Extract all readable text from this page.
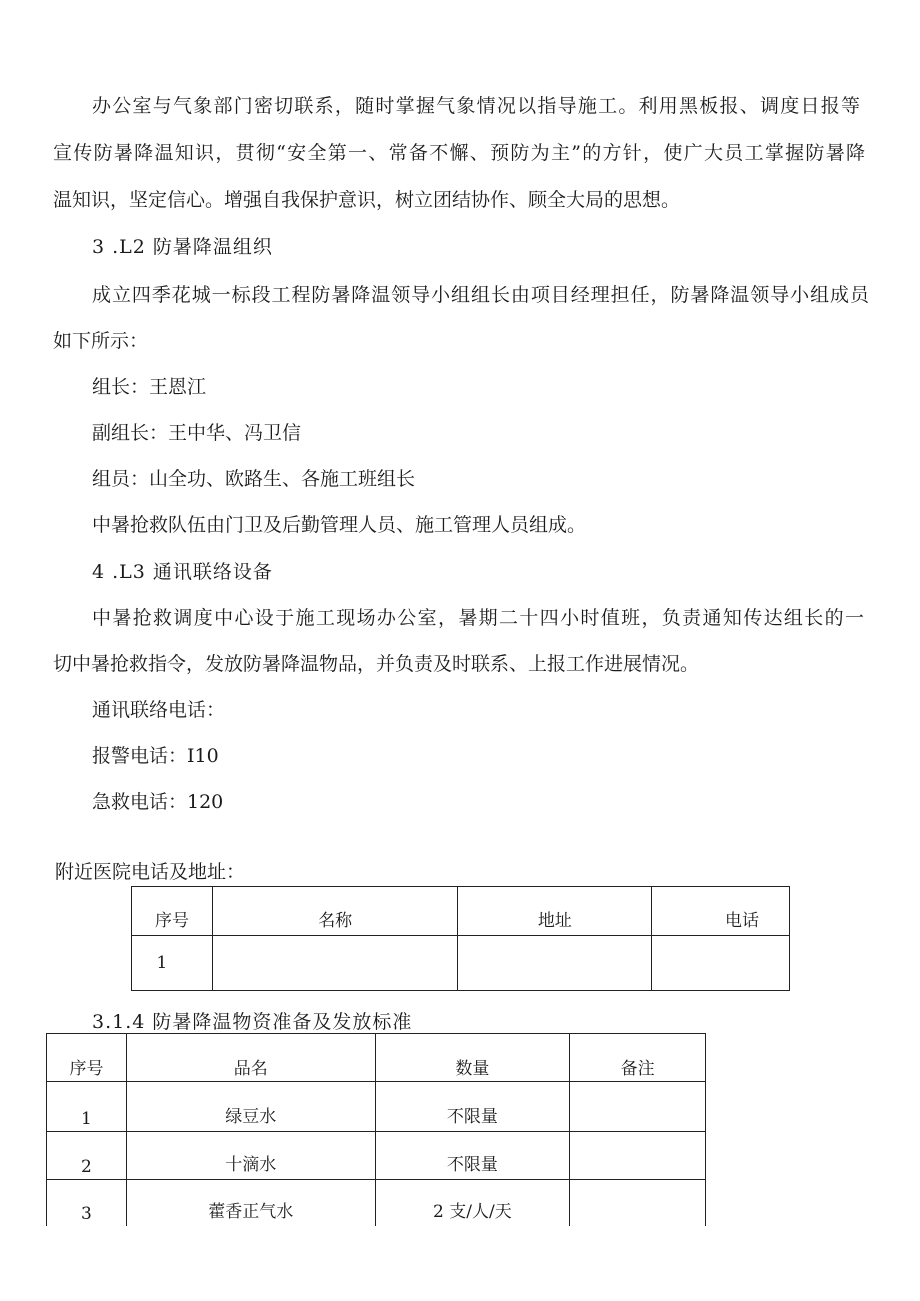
办公室与气象部门密切联系，随时掌握气象情况以指导施工。利用黑板报、调度日报等
宣传防暑降温知识，贯彻“安全第一、常备不懈、预防为主”的方针，使广大员工掌握防暑降
温知识，坚定信心。增强自我保护意识，树立团结协作、顾全大局的思想。
3 .L2 防暑降温组织
成立四季花城一标段工程防暑降温领导小组组长由项目经理担任，防暑降温领导小组成员
如下所示：
组长：王恩江
副组长：王中华、冯卫信
组员：山全功、欧路生、各施工班组长
中暑抢救队伍由门卫及后勤管理人员、施工管理人员组成。
4 .L3 通讯联络设备
中暑抢救调度中心设于施工现场办公室，暑期二十四小时值班，负责通知传达组长的一
切中暑抢救指令，发放防暑降温物品，并负责及时联系、上报工作进展情况。
通讯联络电话：
报警电话：I10
急救电话：120
附近医院电话及地址：
序号	名称	地址	电话
1			
3.1.4 防暑降温物资准备及发放标准
序号	品名	数量	备注
1	绿豆水	不限量	
2	十滴水	不限量	
3	藿香正气水	2 支/人/天	
